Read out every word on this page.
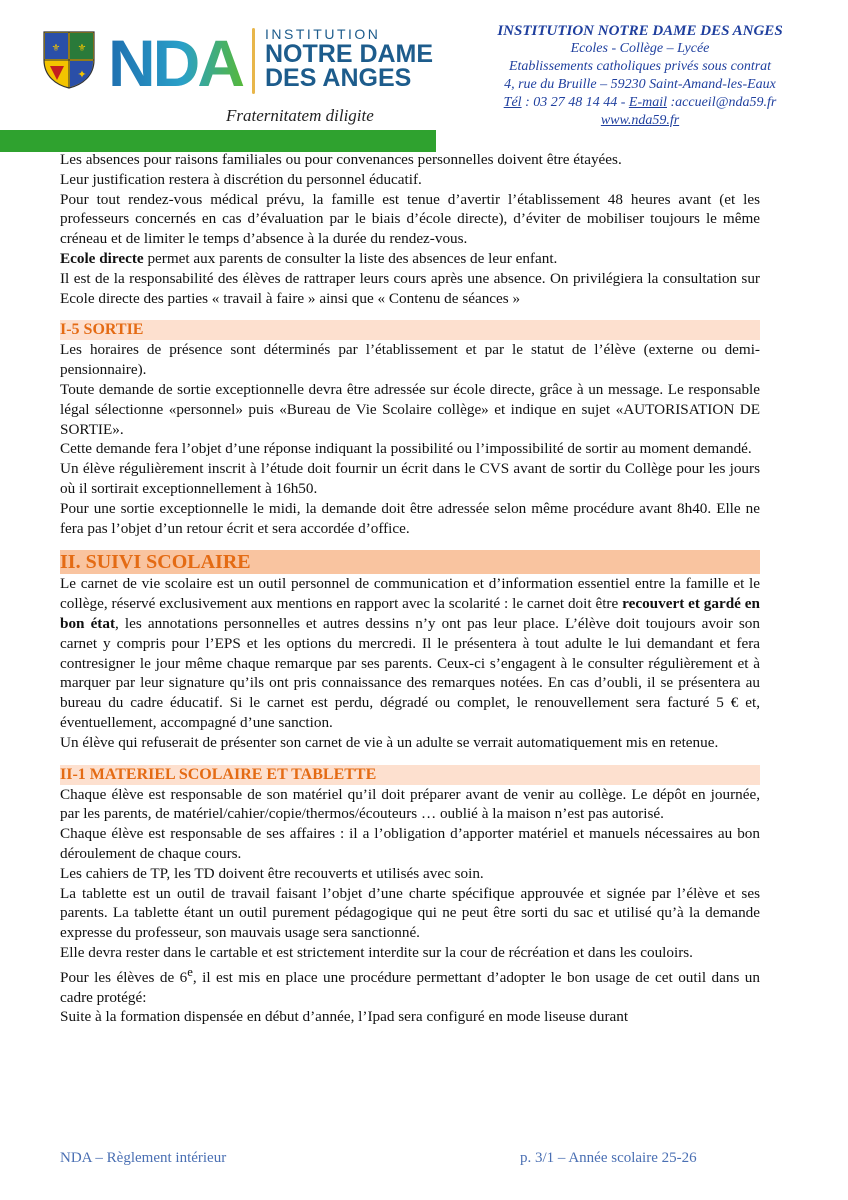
⚜ ⚜
✦ NDA INSTITUTION
NOTRE DAME
DES ANGES
Fraternitatem diligite
INSTITUTION NOTRE DAME DES ANGES
Ecoles - Collège – Lycée
Etablissements catholiques privés sous contrat
4, rue du Bruille – 59230 Saint-Amand-les-Eaux
Tél : 03 27 48 14 44 - E-mail :accueil@nda59.fr
www.nda59.fr

Les absences pour raisons familiales ou pour convenances personnelles doivent être étayées.

Leur justification restera à discrétion du personnel éducatif.

Pour tout rendez-vous médical prévu, la famille est tenue d’avertir l’établissement 48 heures avant (et les professeurs concernés en cas d’évaluation par le biais d’école directe), d’éviter de mobiliser toujours le même créneau et de limiter le temps d’absence à la durée du rendez-vous.

Ecole directe permet aux parents de consulter la liste des absences de leur enfant.

Il est de la responsabilité des élèves de rattraper leurs cours après une absence. On privilégiera la consultation sur Ecole directe des parties « travail à faire » ainsi que « Contenu de séances »

I-5 SORTIE

Les horaires de présence sont déterminés par l’établissement et par le statut de l’élève (externe ou demi-pensionnaire).

Toute demande de sortie exceptionnelle devra être adressée sur école directe, grâce à un message. Le responsable légal sélectionne «personnel» puis «Bureau de Vie Scolaire collège» et indique en sujet «AUTORISATION DE SORTIE».

Cette demande fera l’objet d’une réponse indiquant la possibilité ou l’impossibilité de sortir au moment demandé.

Un élève régulièrement inscrit à l’étude doit fournir un écrit dans le CVS avant de sortir du Collège pour les jours où il sortirait exceptionnellement à 16h50.

Pour une sortie exceptionnelle le midi, la demande doit être adressée selon même procédure avant 8h40. Elle ne fera pas l’objet d’un retour écrit et sera accordée d’office.

II. SUIVI SCOLAIRE

Le carnet de vie scolaire est un outil personnel de communication et d’information essentiel entre la famille et le collège, réservé exclusivement aux mentions en rapport avec la scolarité : le carnet doit être recouvert et gardé en bon état, les annotations personnelles et autres dessins n’y ont pas leur place. L’élève doit toujours avoir son carnet y compris pour l’EPS et les options du mercredi. Il le présentera à tout adulte le lui demandant et fera contresigner le jour même chaque remarque par ses parents. Ceux-ci s’engagent à le consulter régulièrement et à marquer par leur signature qu’ils ont pris connaissance des remarques notées. En cas d’oubli, il se présentera au bureau du cadre éducatif. Si le carnet est perdu, dégradé ou complet, le renouvellement sera facturé 5 € et, éventuellement, accompagné d’une sanction.

Un élève qui refuserait de présenter son carnet de vie à un adulte se verrait automatiquement mis en retenue.

II-1 MATERIEL SCOLAIRE ET TABLETTE

Chaque élève est responsable de son matériel qu’il doit préparer avant de venir au collège. Le dépôt en journée, par les parents, de matériel/cahier/copie/thermos/écouteurs … oublié à la maison n’est pas autorisé.

Chaque élève est responsable de ses affaires : il a l’obligation d’apporter matériel et manuels nécessaires au bon déroulement de chaque cours.

Les cahiers de TP, les TD doivent être recouverts et utilisés avec soin.

La tablette est un outil de travail faisant l’objet d’une charte spécifique approuvée et signée par l’élève et ses parents. La tablette étant un outil purement pédagogique qui ne peut être sorti du sac et utilisé qu’à la demande expresse du professeur, son mauvais usage sera sanctionné.

Elle devra rester dans le cartable et est strictement interdite sur la cour de récréation et dans les couloirs.

Pour les élèves de 6e, il est mis en place une procédure permettant d’adopter le bon usage de cet outil dans un cadre protégé:

Suite à la formation dispensée en début d’année, l’Ipad sera configuré en mode liseuse durant

NDA – Règlement intérieur	p. 3/1 – Année scolaire 25-26
